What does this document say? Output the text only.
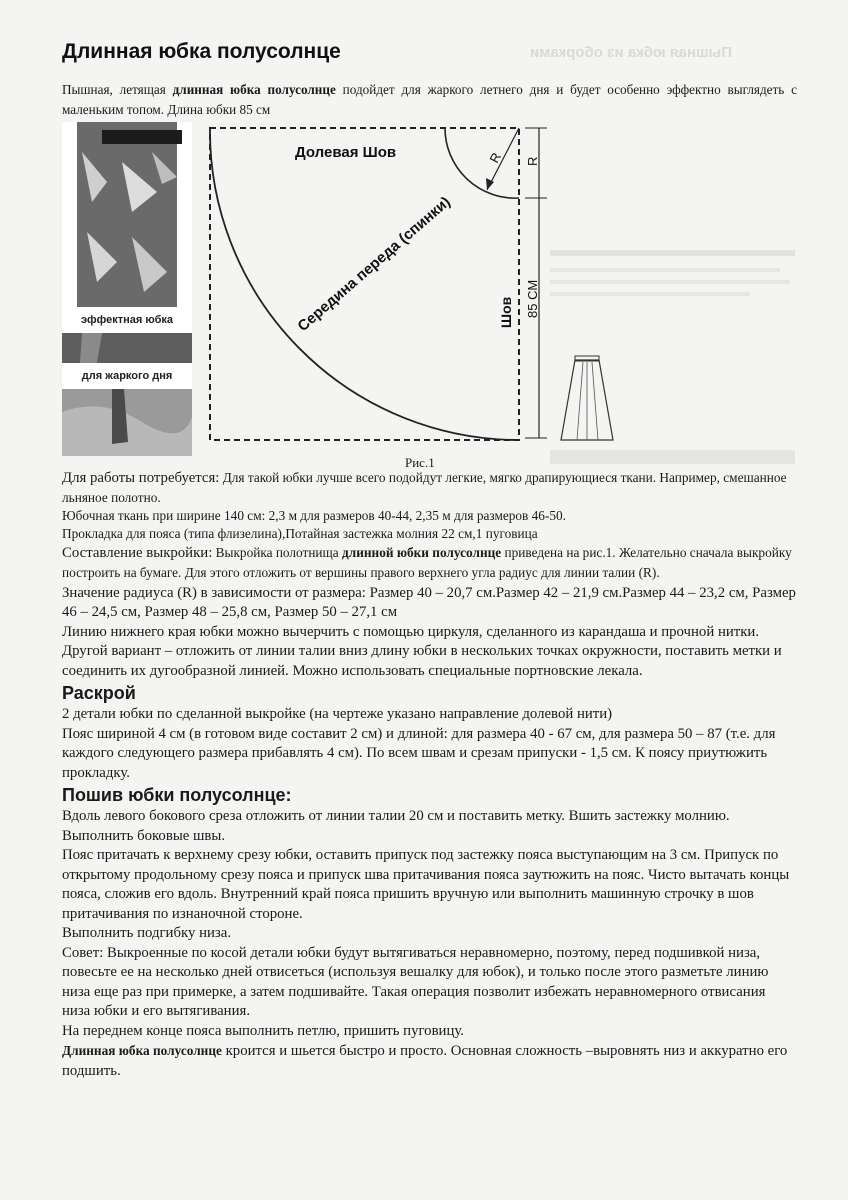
Пышная юбка из оборками
Длинная юбка полусолнце
Пышная, летящая длинная юбка полусолнце подойдет для жаркого летнего дня и будет особенно эффектно выглядеть с маленьким топом. Длина юбки 85 см
эффектная юбка
для жаркого дня
Долевая Шов
Середина переда (спинки)	Шов
R R
85 СМ
Рис.1

Для работы потребуется: Для такой юбки лучше всего подойдут легкие, мягко драпирующиеся ткани. Например, смешанное льняное полотно.

Юбочная ткань при ширине 140 см: 2,3 м для размеров 40-44, 2,35 м для размеров 46-50.

Прокладка для пояса (типа флизелина),Потайная застежка молния 22 см,1 пуговица

Составление выкройки: Выкройка полотнища длинной юбки полусолнце приведена на рис.1. Желательно сначала выкройку построить на бумаге. Для этого отложить от вершины правого верхнего угла радиус для линии талии (R).

Значение радиуса (R) в зависимости от размера: Размер 40 – 20,7 см.Размер 42 – 21,9 см.Размер 44 – 23,2 см, Размер 46 – 24,5 см, Размер 48 – 25,8 см, Размер 50 – 27,1 см

Линию нижнего края юбки можно вычерчить с помощью циркуля, сделанного из карандаша и прочной нитки. Другой вариант – отложить от линии талии вниз длину юбки в нескольких точках окружности, поставить метки и соединить их дугообразной линией. Можно использовать специальные портновские лекала.

Раскрой

2 детали юбки по сделанной выкройке (на чертеже указано направление долевой нити)

Пояс шириной 4 см (в готовом виде составит 2 см) и длиной: для размера 40 - 67 см, для размера 50 – 87 (т.е. для каждого следующего размера прибавлять 4 см). По всем швам и срезам припуски - 1,5 см. К поясу приутюжить прокладку.

Пошив юбки полусолнце:

Вдоль левого бокового среза отложить от линии талии 20 см и поставить метку. Вшить застежку молнию.

Выполнить боковые швы.

Пояс притачать к верхнему срезу юбки, оставить припуск под застежку пояса выступающим на 3 см. Припуск по открытому продольному срезу пояса и припуск шва притачивания пояса заутюжить на пояс. Чисто вытачать концы пояса, сложив его вдоль. Внутренний край пояса пришить вручную или выполнить машинную строчку в шов притачивания по изнаночной стороне.

Выполнить подгибку низа.

Совет: Выкроенные по косой детали юбки будут вытягиваться неравномерно, поэтому, перед подшивкой низа, повесьте ее на несколько дней отвисеться (используя вешалку для юбок), и только после этого разметьте линию низа еще раз при примерке, а затем подшивайте. Такая операция позволит избежать неравномерного отвисания низа юбки и его вытягивания.

На переднем конце пояса выполнить петлю, пришить пуговицу.

Длинная юбка полусолнце кроится и шьется быстро и просто. Основная сложность –выровнять низ и аккуратно его подшить.
